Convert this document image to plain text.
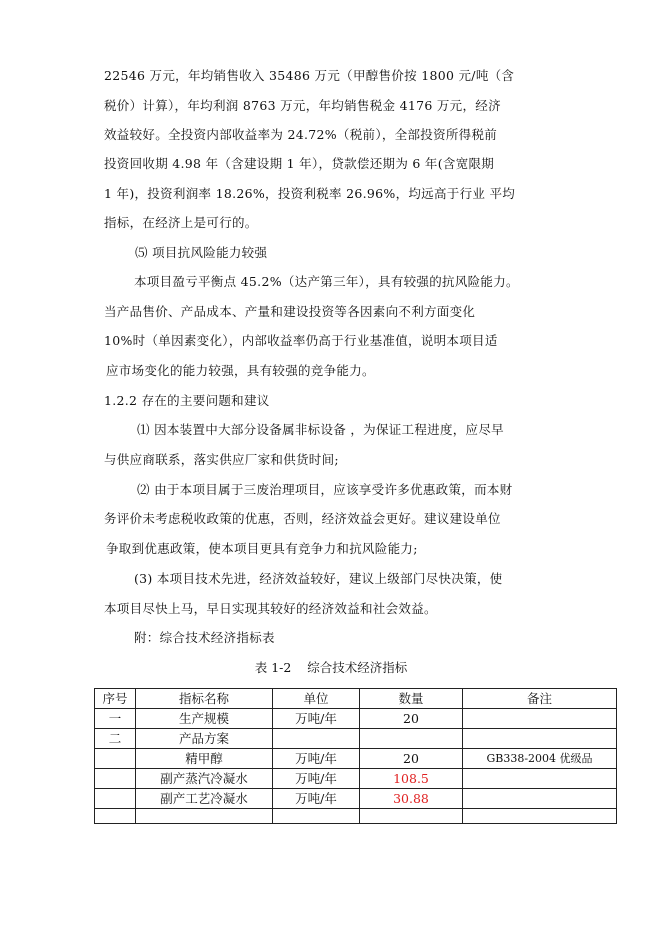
22546 万元，年均销售收入 35486 万元（甲醇售价按 1800 元/吨（含
税价）计算），年均利润 8763 万元，年均销售税金 4176 万元，经济
效益较好。全投资内部收益率为 24.72%（税前），全部投资所得税前
投资回收期 4.98 年（含建设期 1 年），贷款偿还期为 6 年(含宽限期
1 年)，投资利润率 18.26%，投资利税率 26.96%，均远高于行业 平均
指标，在经济上是可行的。
⑸ 项目抗风险能力较强
本项目盈亏平衡点 45.2%（达产第三年），具有较强的抗风险能力。
当产品售价、产品成本、产量和建设投资等各因素向不利方面变化
10%时（单因素变化），内部收益率仍高于行业基准值，说明本项目适
应市场变化的能力较强，具有较强的竞争能力。
1.2.2 存在的主要问题和建议
⑴ 因本装置中大部分设备属非标设备 ，为保证工程进度，应尽早
与供应商联系，落实供应厂家和供货时间;
⑵ 由于本项目属于三废治理项目，应该享受许多优惠政策，而本财
务评价未考虑税收政策的优惠，否则，经济效益会更好。建议建设单位
争取到优惠政策，使本项目更具有竞争力和抗风险能力;
(3) 本项目技术先进，经济效益较好，建议上级部门尽快决策，使
本项目尽快上马，早日实现其较好的经济效益和社会效益。
附：综合技术经济指标表
表 1-2    综合技术经济指标
序号	指标名称	单位	数量	备注
一	生产规模	万吨/年	20	
二	产品方案			
	精甲醇	万吨/年	20	GB338-2004 优级品
	副产蒸汽冷凝水	万吨/年	108.5	
	副产工艺冷凝水	万吨/年	30.88	
